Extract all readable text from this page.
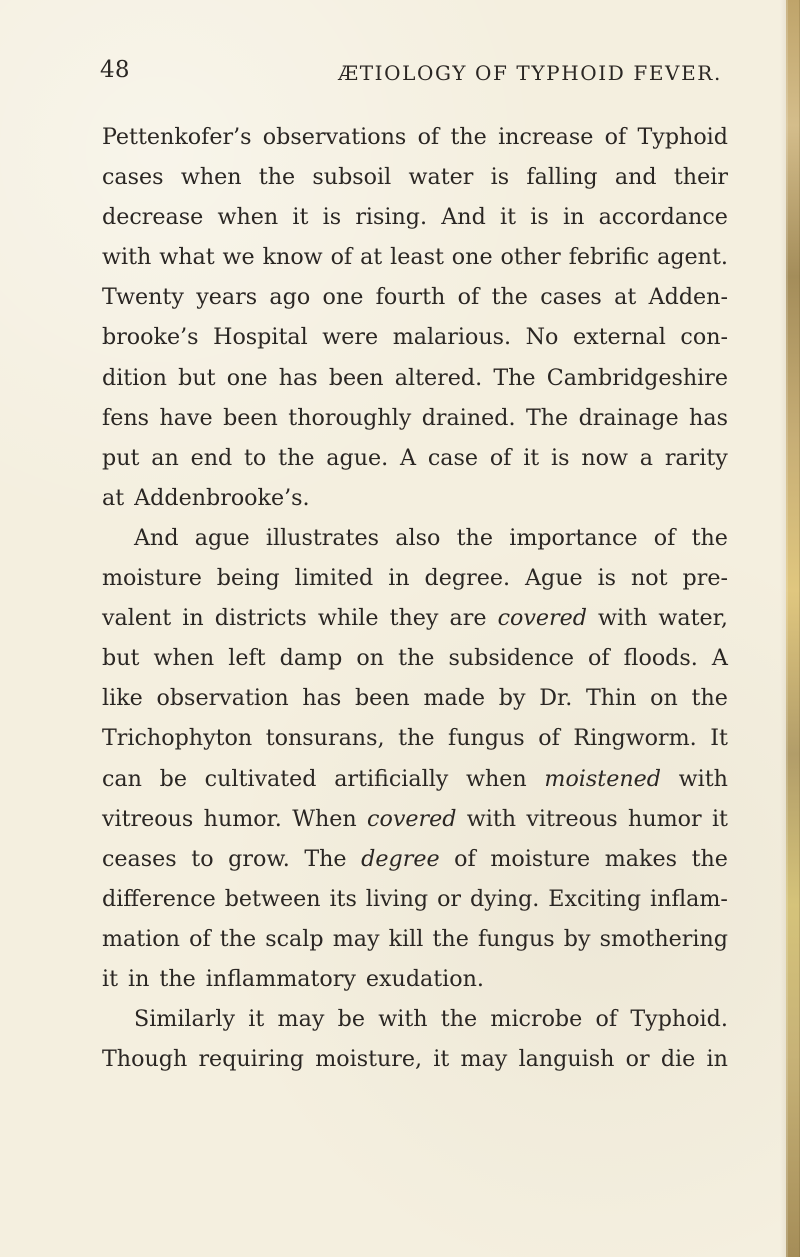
48	ÆTIOLOGY OF TYPHOID FEVER.
Pettenkofer’s observations of the increase of Typhoid
cases when the subsoil water is falling and their
decrease when it is rising. And it is in accordance
with what we know of at least one other febrific agent.
Twenty years ago one fourth of the cases at Adden-
brooke’s Hospital were malarious. No external con-
dition but one has been altered. The Cambridgeshire
fens have been thoroughly drained. The drainage has
put an end to the ague. A case of it is now a rarity
at Addenbrooke’s.
And ague illustrates also the importance of the
moisture being limited in degree. Ague is not pre-
valent in districts while they are covered with water,
but when left damp on the subsidence of floods. A
like observation has been made by Dr. Thin on the
Trichophyton tonsurans, the fungus of Ringworm. It
can be cultivated artificially when moistened with
vitreous humor. When covered with vitreous humor it
ceases to grow. The degree of moisture makes the
difference between its living or dying. Exciting inflam-
mation of the scalp may kill the fungus by smothering
it in the inflammatory exudation.
Similarly it may be with the microbe of Typhoid.
Though requiring moisture, it may languish or die in
